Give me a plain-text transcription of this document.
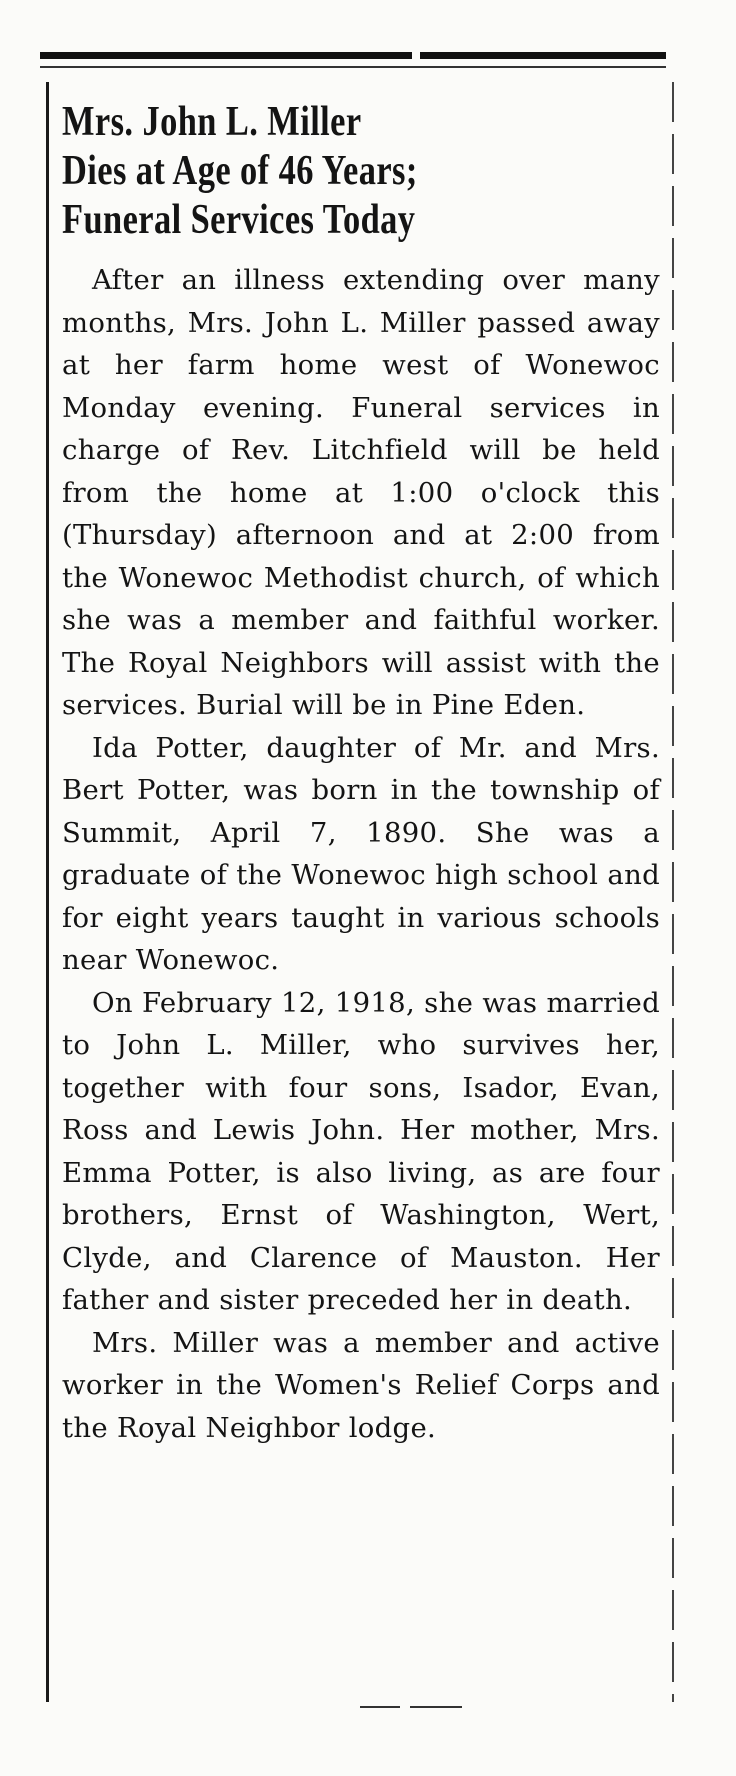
Mrs. John L. Miller
Dies at Age of 46 Years;
Funeral Services Today

After an illness extending over many months, Mrs. John L. Miller passed away at her farm home west of Wonewoc Monday evening. Funeral services in charge of Rev. Litchfield will be held from the home at 1:00 o'clock this (Thursday) afternoon and at 2:00 from the Wonewoc Methodist church, of which she was a member and faithful worker. The Royal Neighbors will assist with the services. Burial will be in Pine Eden.

Ida Potter, daughter of Mr. and Mrs. Bert Potter, was born in the township of Summit, April 7, 1890. She was a graduate of the Wonewoc high school and for eight years taught in various schools near Wonewoc.

On February 12, 1918, she was married to John L. Miller, who survives her, together with four sons, Isador, Evan, Ross and Lewis John. Her mother, Mrs. Emma Potter, is also living, as are four brothers, Ernst of Washington, Wert, Clyde, and Clarence of Mauston. Her father and sister preceded her in death.

Mrs. Miller was a member and active worker in the Women's Relief Corps and the Royal Neighbor lodge.
